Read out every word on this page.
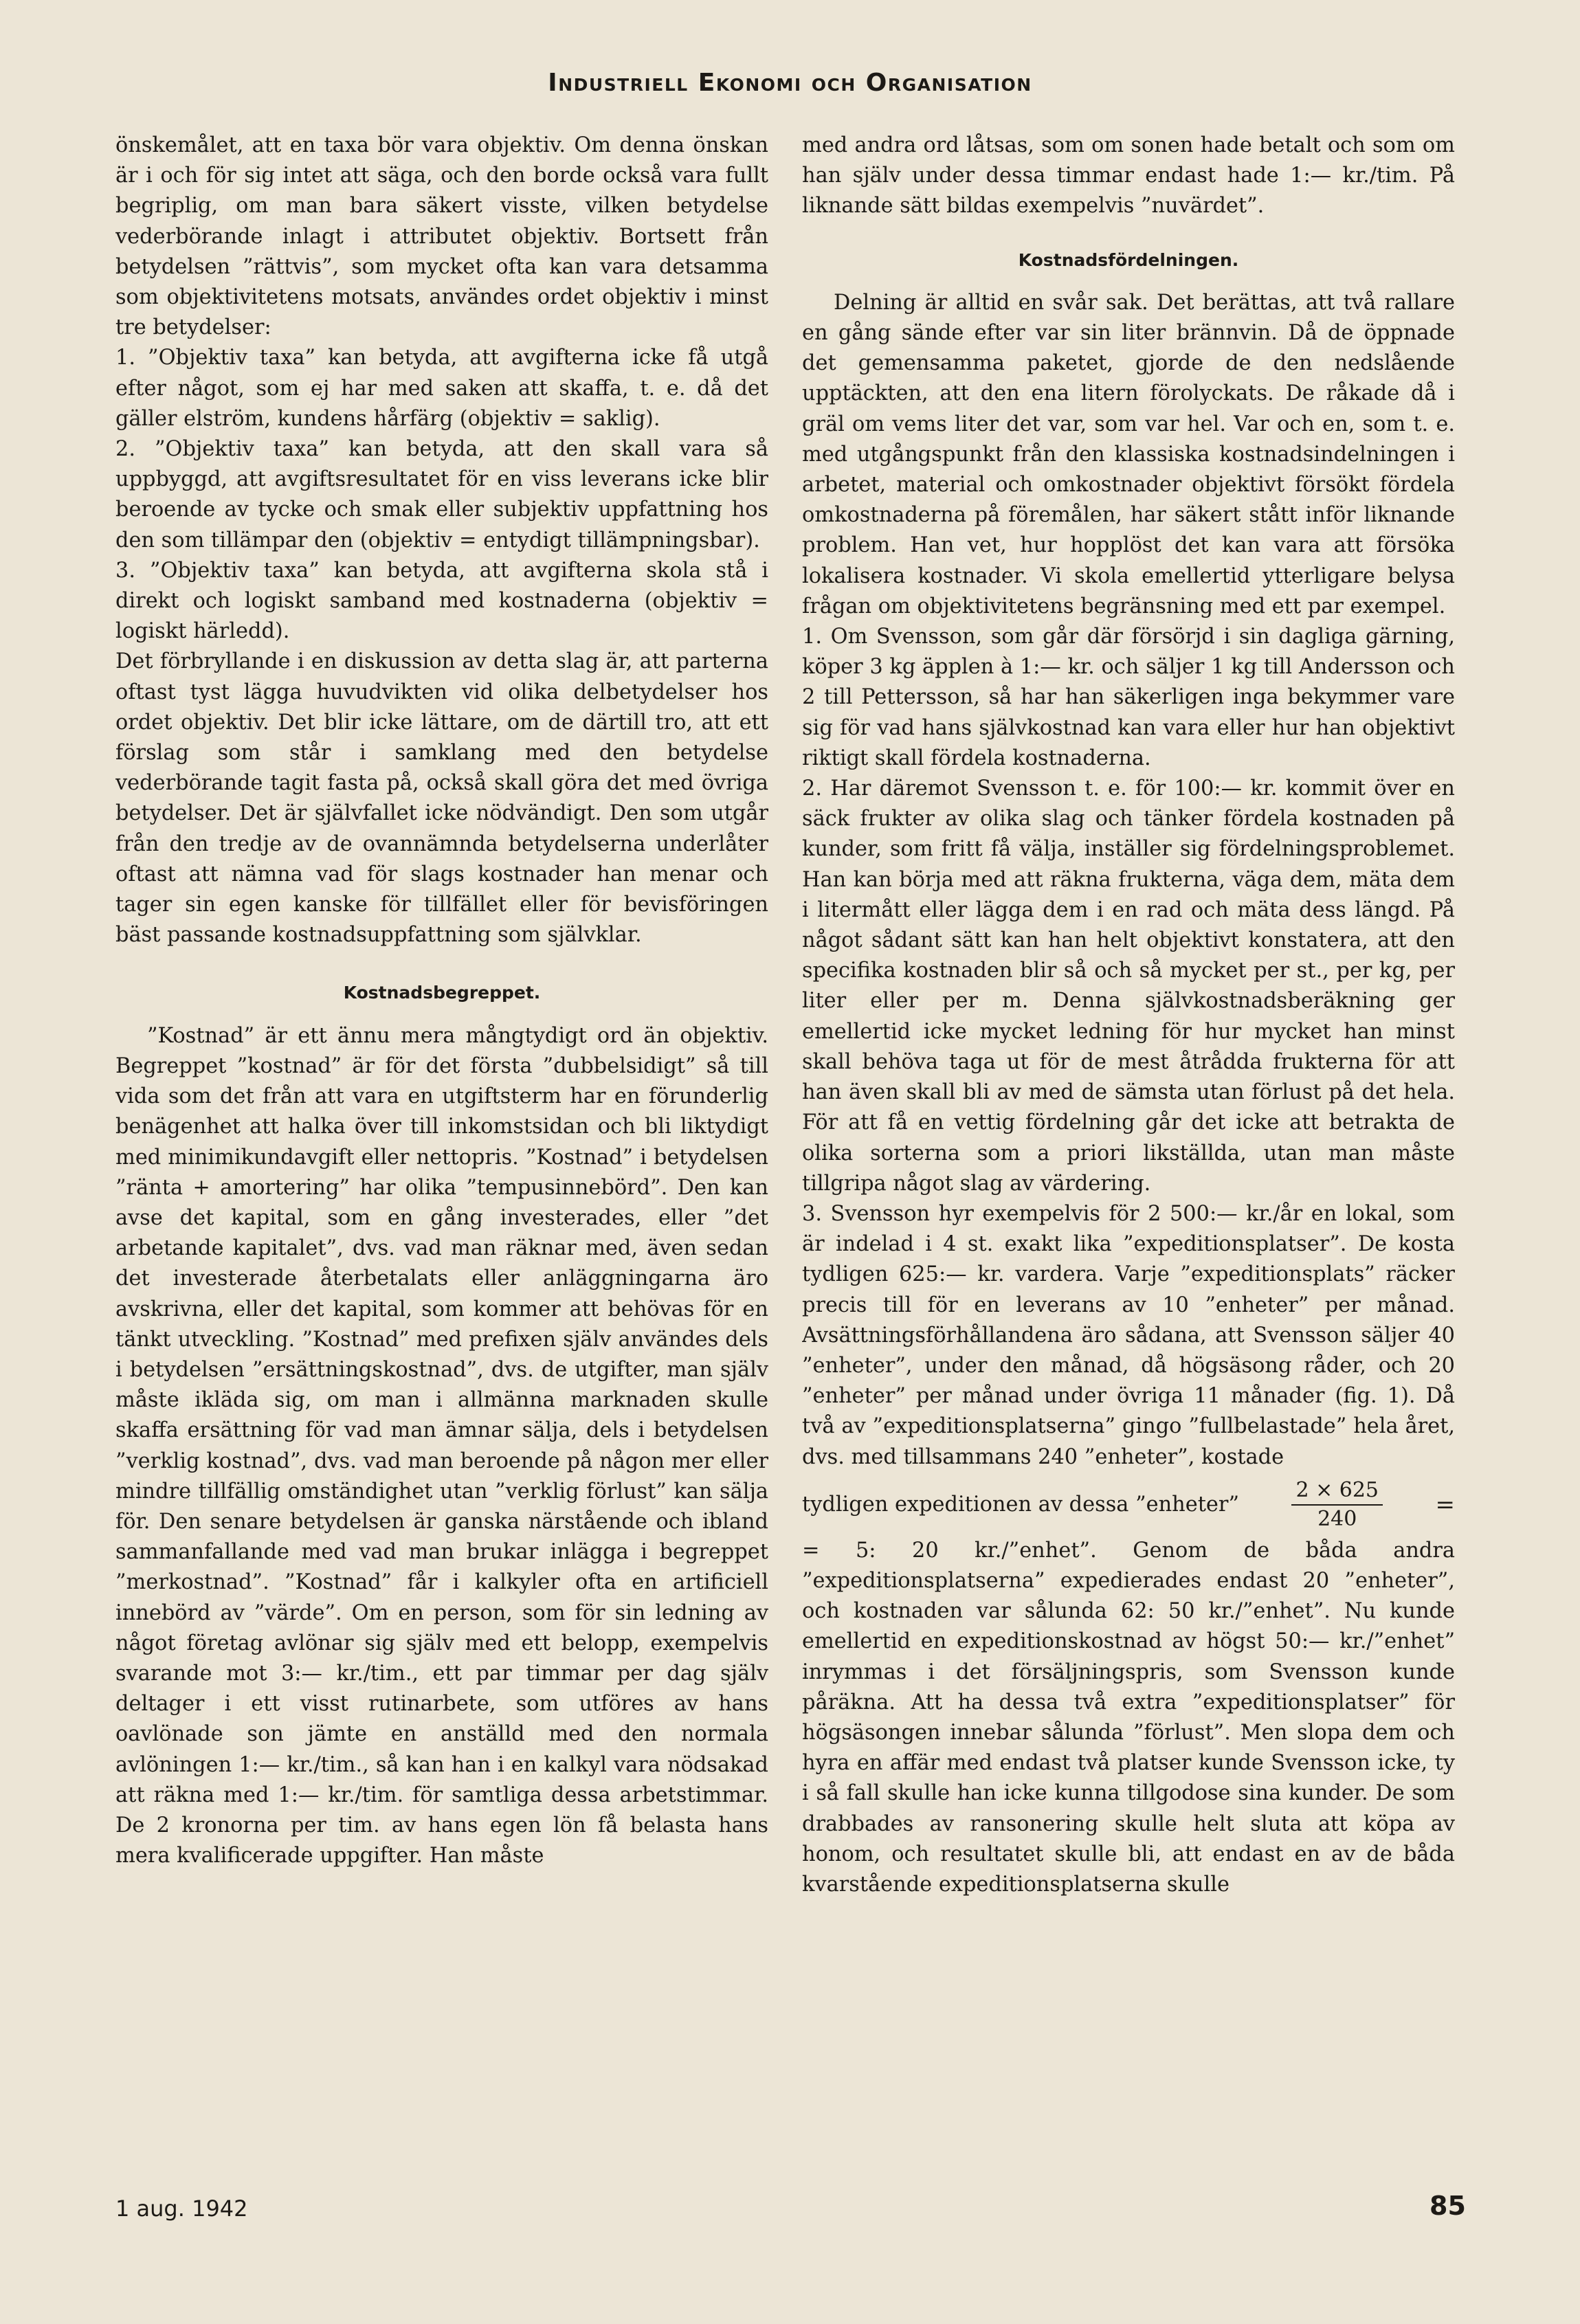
Industriell Ekonomi och Organisation

önskemålet, att en taxa bör vara objektiv. Om denna önskan är i och för sig intet att säga, och den borde också vara fullt begriplig, om man bara säkert visste, vilken betydelse vederbörande inlagt i attributet objektiv. Bortsett från betydelsen ”rättvis”, som mycket ofta kan vara detsamma som objektivitetens motsats, användes ordet objektiv i minst tre betydelser:

1. ”Objektiv taxa” kan betyda, att avgifterna icke få utgå efter något, som ej har med saken att skaffa, t. e. då det gäller elström, kundens hårfärg (objektiv = saklig).

2. ”Objektiv taxa” kan betyda, att den skall vara så uppbyggd, att avgiftsresultatet för en viss leverans icke blir beroende av tycke och smak eller subjektiv uppfattning hos den som tillämpar den (objektiv = entydigt tillämpningsbar).

3. ”Objektiv taxa” kan betyda, att avgifterna skola stå i direkt och logiskt samband med kostnaderna (objektiv = logiskt härledd).

Det förbryllande i en diskussion av detta slag är, att parterna oftast tyst lägga huvudvikten vid olika delbetydelser hos ordet objektiv. Det blir icke lättare, om de därtill tro, att ett förslag som står i samklang med den betydelse vederbörande tagit fasta på, också skall göra det med övriga betydelser. Det är självfallet icke nödvändigt. Den som utgår från den tredje av de ovannämnda betydelserna underlåter oftast att nämna vad för slags kostnader han menar och tager sin egen kanske för tillfället eller för bevisföringen bäst passande kostnadsuppfattning som självklar.

Kostnadsbegreppet.

”Kostnad” är ett ännu mera mångtydigt ord än objektiv. Begreppet ”kostnad” är för det första ”dubbelsidigt” så till vida som det från att vara en utgiftsterm har en förunderlig benägenhet att halka över till inkomstsidan och bli liktydigt med minimikundavgift eller nettopris. ”Kostnad” i betydelsen ”ränta + amortering” har olika ”tempusinnebörd”. Den kan avse det kapital, som en gång investerades, eller ”det arbetande kapitalet”, dvs. vad man räknar med, även sedan det investerade återbetalats eller anläggningarna äro avskrivna, eller det kapital, som kommer att behövas för en tänkt utveckling. ”Kostnad” med prefixen själv användes dels i betydelsen ”ersättningskostnad”, dvs. de utgifter, man själv måste ikläda sig, om man i allmänna marknaden skulle skaffa ersättning för vad man ämnar sälja, dels i betydelsen ”verklig kostnad”, dvs. vad man beroende på någon mer eller mindre tillfällig omständighet utan ”verklig förlust” kan sälja för. Den senare betydelsen är ganska närstående och ibland sammanfallande med vad man brukar inlägga i begreppet ”merkostnad”. ”Kostnad” får i kalkyler ofta en artificiell innebörd av ”värde”. Om en person, som för sin ledning av något företag avlönar sig själv med ett belopp, exempelvis svarande mot 3:— kr./tim., ett par timmar per dag själv deltager i ett visst rutinarbete, som utföres av hans oavlönade son jämte en anställd med den normala avlöningen 1:— kr./tim., så kan han i en kalkyl vara nödsakad att räkna med 1:— kr./tim. för samtliga dessa arbetstimmar. De 2 kronorna per tim. av hans egen lön få belasta hans mera kvalificerade uppgifter. Han måste

med andra ord låtsas, som om sonen hade betalt och som om han själv under dessa timmar endast hade 1:— kr./tim. På liknande sätt bildas exempelvis ”nuvärdet”.

Kostnadsfördelningen.

Delning är alltid en svår sak. Det berättas, att två rallare en gång sände efter var sin liter brännvin. Då de öppnade det gemensamma paketet, gjorde de den nedslående upptäckten, att den ena litern förolyckats. De råkade då i gräl om vems liter det var, som var hel. Var och en, som t. e. med utgångspunkt från den klassiska kostnadsindelningen i arbetet, material och omkostnader objektivt försökt fördela omkostnaderna på föremålen, har säkert stått inför liknande problem. Han vet, hur hopplöst det kan vara att försöka lokalisera kostnader. Vi skola emellertid ytterligare belysa frågan om objektivitetens begränsning med ett par exempel.

1. Om Svensson, som går där försörjd i sin dagliga gärning, köper 3 kg äpplen à 1:— kr. och säljer 1 kg till Andersson och 2 till Pettersson, så har han säkerligen inga bekymmer vare sig för vad hans självkostnad kan vara eller hur han objektivt riktigt skall fördela kostnaderna.

2. Har däremot Svensson t. e. för 100:— kr. kommit över en säck frukter av olika slag och tänker fördela kostnaden på kunder, som fritt få välja, inställer sig fördelningsproblemet. Han kan börja med att räkna frukterna, väga dem, mäta dem i litermått eller lägga dem i en rad och mäta dess längd. På något sådant sätt kan han helt objektivt konstatera, att den specifika kostnaden blir så och så mycket per st., per kg, per liter eller per m. Denna självkostnadsberäkning ger emellertid icke mycket ledning för hur mycket han minst skall behöva taga ut för de mest åtrådda frukterna för att han även skall bli av med de sämsta utan förlust på det hela. För att få en vettig fördelning går det icke att betrakta de olika sorterna som a priori likställda, utan man måste tillgripa något slag av värdering.

3. Svensson hyr exempelvis för 2 500:— kr./år en lokal, som är indelad i 4 st. exakt lika ”expeditionsplatser”. De kosta tydligen 625:— kr. vardera. Varje ”expeditionsplats” räcker precis till för en leverans av 10 ”enheter” per månad. Avsättningsförhållandena äro sådana, att Svensson säljer 40 ”enheter”, under den månad, då högsäsong råder, och 20 ”enheter” per månad under övriga 11 månader (fig. 1). Då två av ”expeditionsplatserna” gingo ”fullbelastade” hela året, dvs. med tillsammans 240 ”enheter”, kostade

tydligen expeditionen av dessa ”enheter”	$\frac{2 \times 625}{240}$ =

= 5: 20 kr./”enhet”. Genom de båda andra ”expeditionsplatserna” expedierades endast 20 ”enheter”, och kostnaden var sålunda 62: 50 kr./”enhet”. Nu kunde emellertid en expeditionskostnad av högst 50:— kr./”enhet” inrymmas i det försäljningspris, som Svensson kunde påräkna. Att ha dessa två extra ”expeditionsplatser” för högsäsongen innebar sålunda ”förlust”. Men slopa dem och hyra en affär med endast två platser kunde Svensson icke, ty i så fall skulle han icke kunna tillgodose sina kunder. De som drabbades av ransonering skulle helt sluta att köpa av honom, och resultatet skulle bli, att endast en av de båda kvarstående expeditionsplatserna skulle

1 aug. 1942	85
